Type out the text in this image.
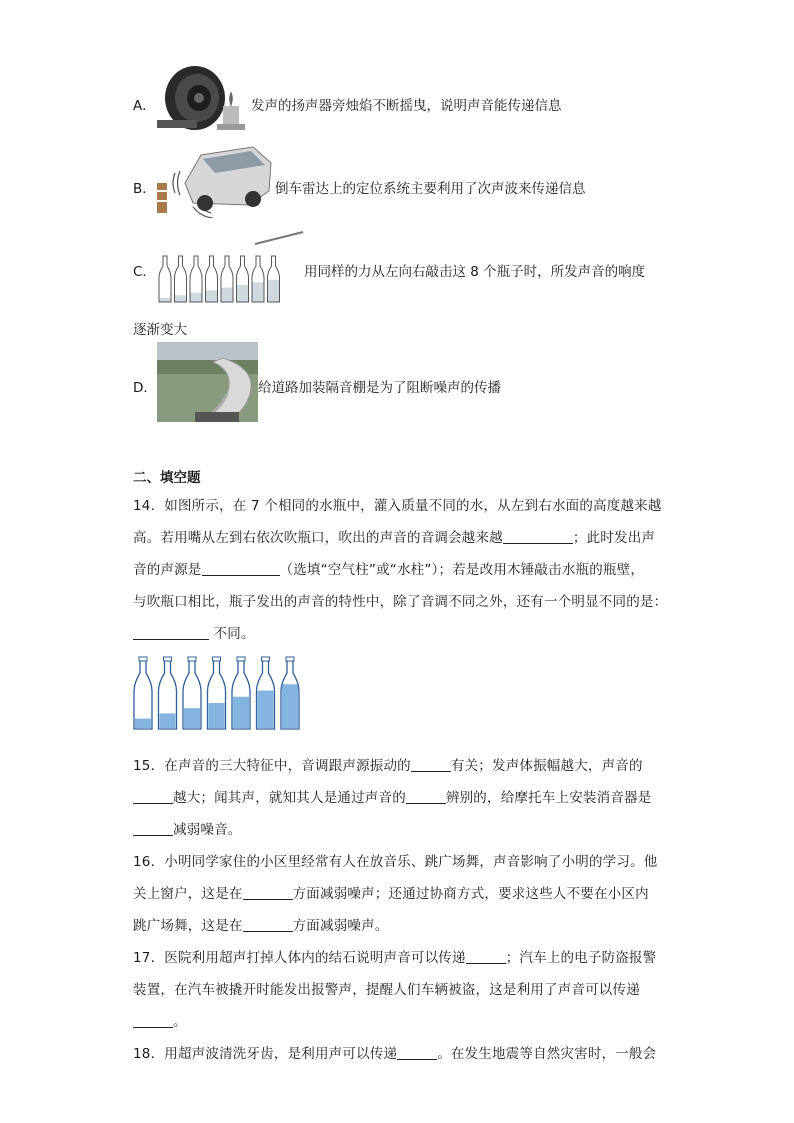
A．	发声的扬声器旁烛焰不断摇曳，说明声音能传递信息
B．	倒车雷达上的定位系统主要利用了次声波来传递信息
C．	用同样的力从左向右敲击这 8 个瓶子时，所发声音的响度
逐渐变大
D．	给道路加装隔音棚是为了阻断噪声的传播
二、填空题
14．如图所示，在 7 个相同的水瓶中，灌入质量不同的水，从左到右水面的高度越来越
高。若用嘴从左到右依次吹瓶口，吹出的声音的音调会越来越	；此时发出声
音的声源是	（选填“空气柱”或“水柱”）；若是改用木锤敲击水瓶的瓶壁，
与吹瓶口相比，瓶子发出的声音的特性中，除了音调不同之外，还有一个明显不同的是：
不同。
15．在声音的三大特征中，音调跟声源振动的	有关；发声体振幅越大，声音的
越大；闻其声，就知其人是通过声音的	辨别的，给摩托车上安装消音器是
减弱噪音。
16．小明同学家住的小区里经常有人在放音乐、跳广场舞，声音影响了小明的学习。他
关上窗户，这是在	方面减弱噪声；还通过协商方式，要求这些人不要在小区内
跳广场舞，这是在	方面减弱噪声。
17．医院利用超声打掉人体内的结石说明声音可以传递	；汽车上的电子防盗报警
装置，在汽车被撬开时能发出报警声，提醒人们车辆被盗，这是利用了声音可以传递
。
18．用超声波清洗牙齿，是利用声可以传递	。在发生地震等自然灾害时，一般会
